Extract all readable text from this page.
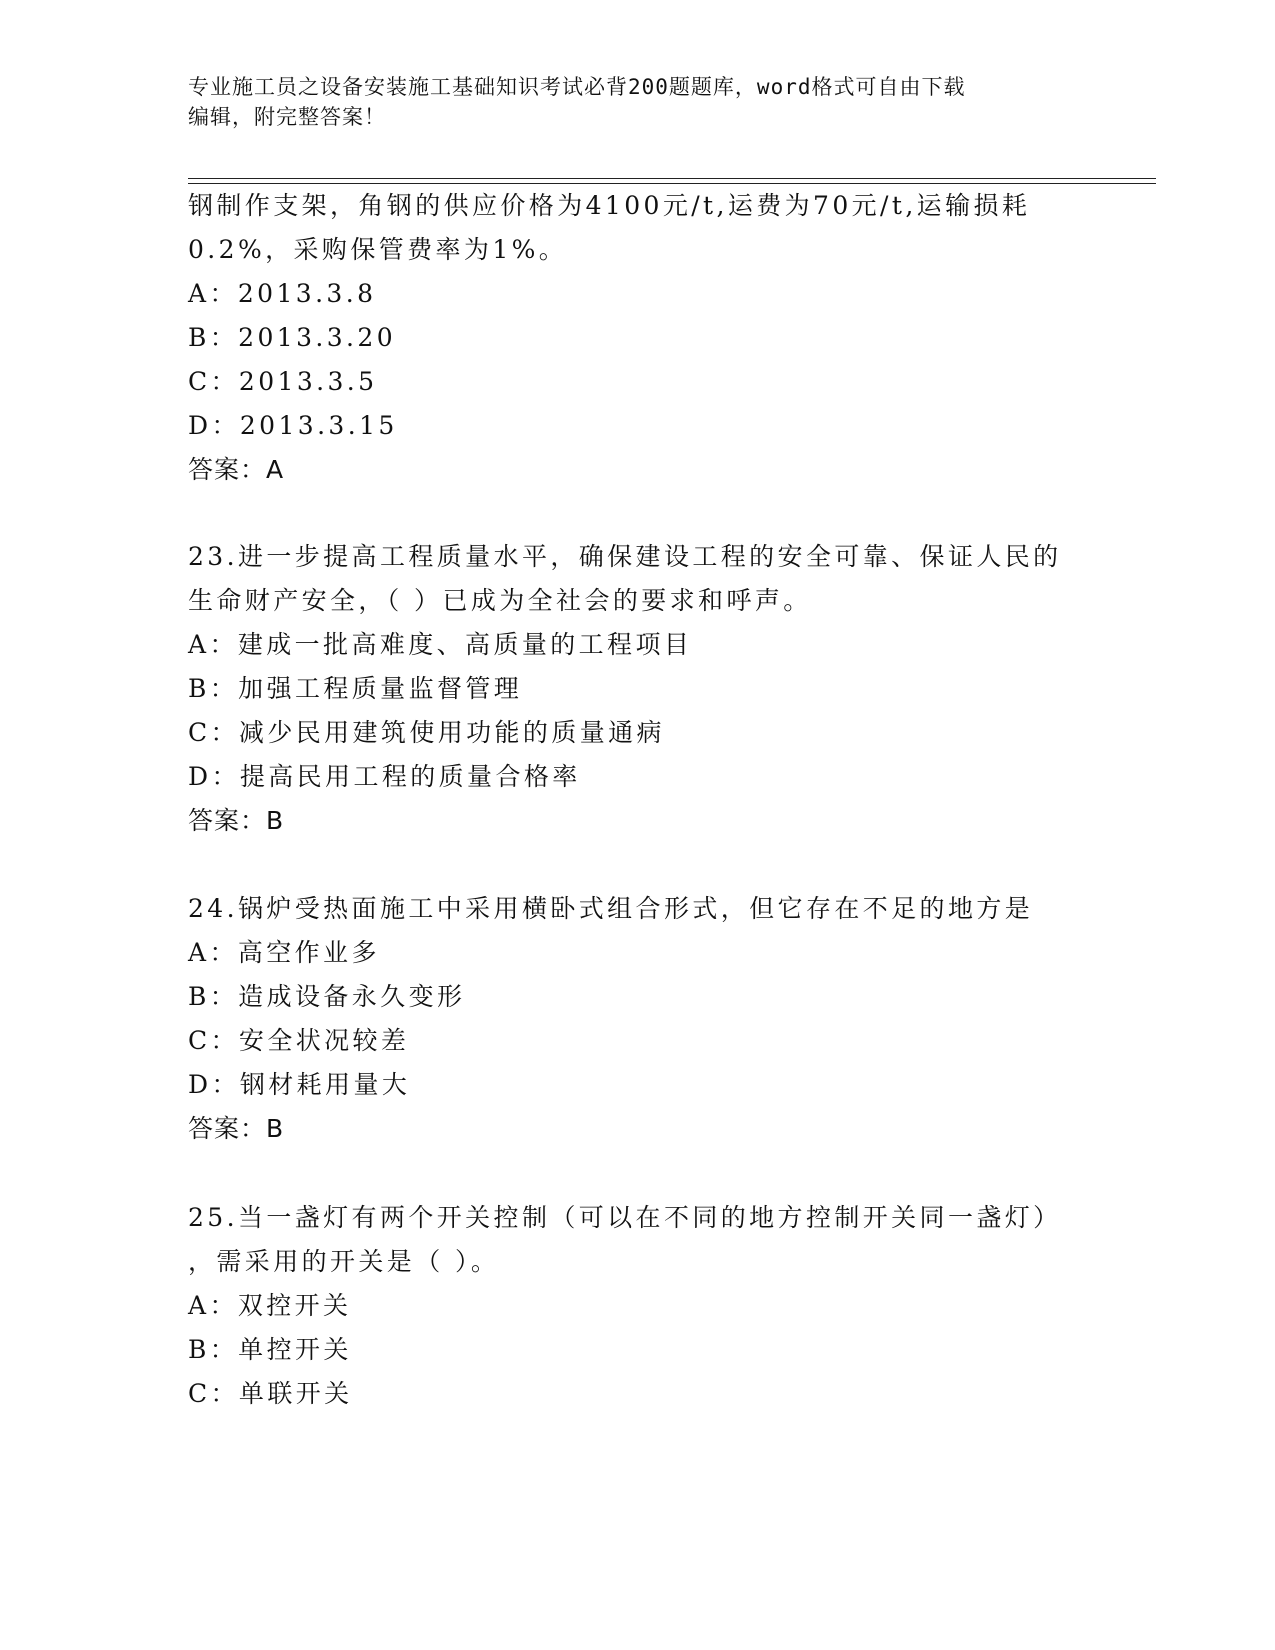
专业施工员之设备安装施工基础知识考试必背200题题库，word格式可自由下载
编辑，附完整答案！
钢制作支架，角钢的供应价格为4100元/t,运费为70元/t,运输损耗
0.2%，采购保管费率为1%。
A：2013.3.8
B：2013.3.20
C：2013.3.5
D：2013.3.15
答案：A
23.进一步提高工程质量水平，确保建设工程的安全可靠、保证人民的
生命财产安全，（ ）已成为全社会的要求和呼声。
A：建成一批高难度、高质量的工程项目
B：加强工程质量监督管理
C：减少民用建筑使用功能的质量通病
D：提高民用工程的质量合格率
答案：B
24.锅炉受热面施工中采用横卧式组合形式，但它存在不足的地方是
A：高空作业多
B：造成设备永久变形
C：安全状况较差
D：钢材耗用量大
答案：B
25.当一盏灯有两个开关控制（可以在不同的地方控制开关同一盏灯）
，需采用的开关是（ ）。
A：双控开关
B：单控开关
C：单联开关
